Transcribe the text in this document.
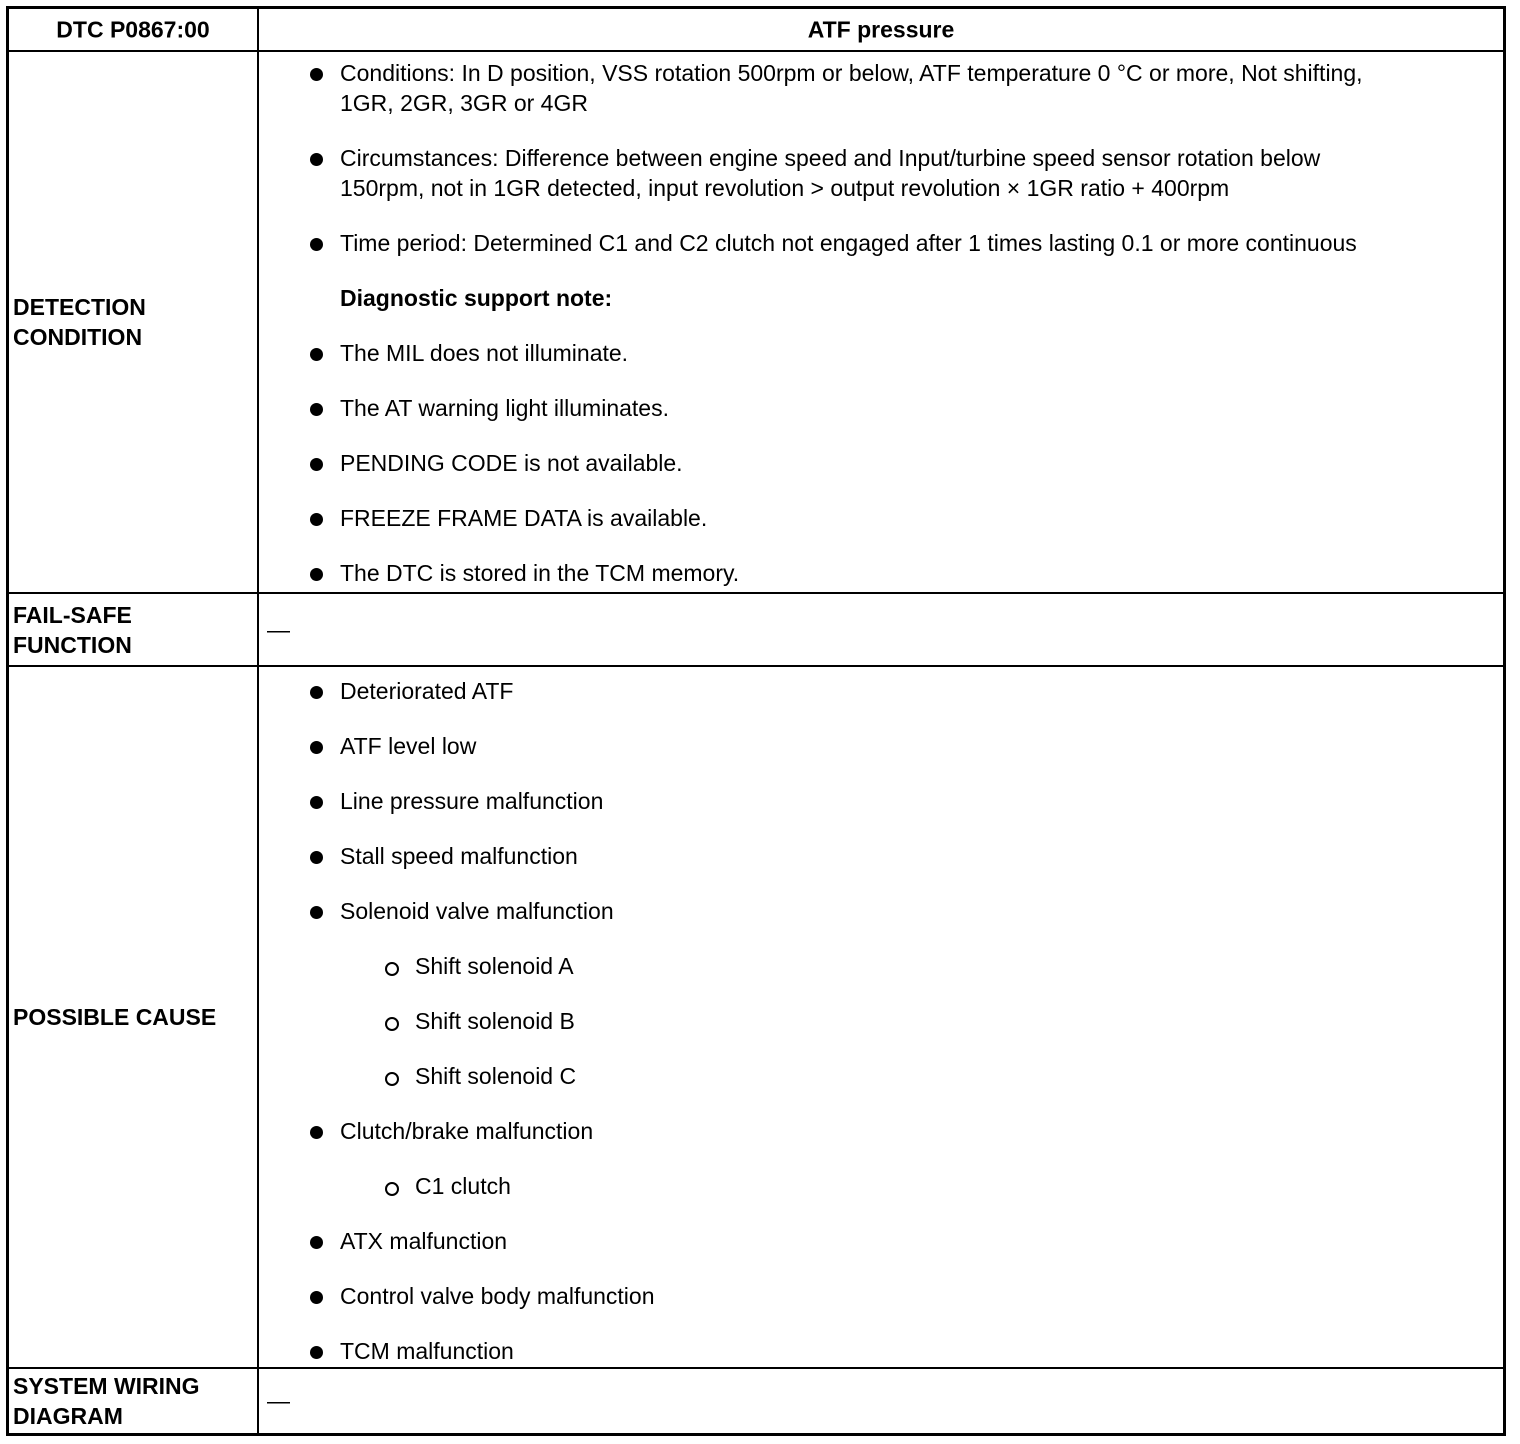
DTC P0867:00	ATF pressure
DETECTION
CONDITION
Conditions: In D position, VSS rotation 500rpm or below, ATF temperature 0 °C or more, Not shifting,
1GR, 2GR, 3GR or 4GR
Circumstances: Difference between engine speed and Input/turbine speed sensor rotation below
150rpm, not in 1GR detected, input revolution > output revolution × 1GR ratio + 400rpm
Time period: Determined C1 and C2 clutch not engaged after 1 times lasting 0.1 or more continuous
Diagnostic support note:
The MIL does not illuminate.
The AT warning light illuminates.
PENDING CODE is not available.
FREEZE FRAME DATA is available.
The DTC is stored in the TCM memory.
FAIL-SAFE
FUNCTION
—
POSSIBLE CAUSE
Deteriorated ATF
ATF level low
Line pressure malfunction
Stall speed malfunction
Solenoid valve malfunction
Shift solenoid A
Shift solenoid B
Shift solenoid C
Clutch/brake malfunction
C1 clutch
ATX malfunction
Control valve body malfunction
TCM malfunction
SYSTEM WIRING
DIAGRAM
—
